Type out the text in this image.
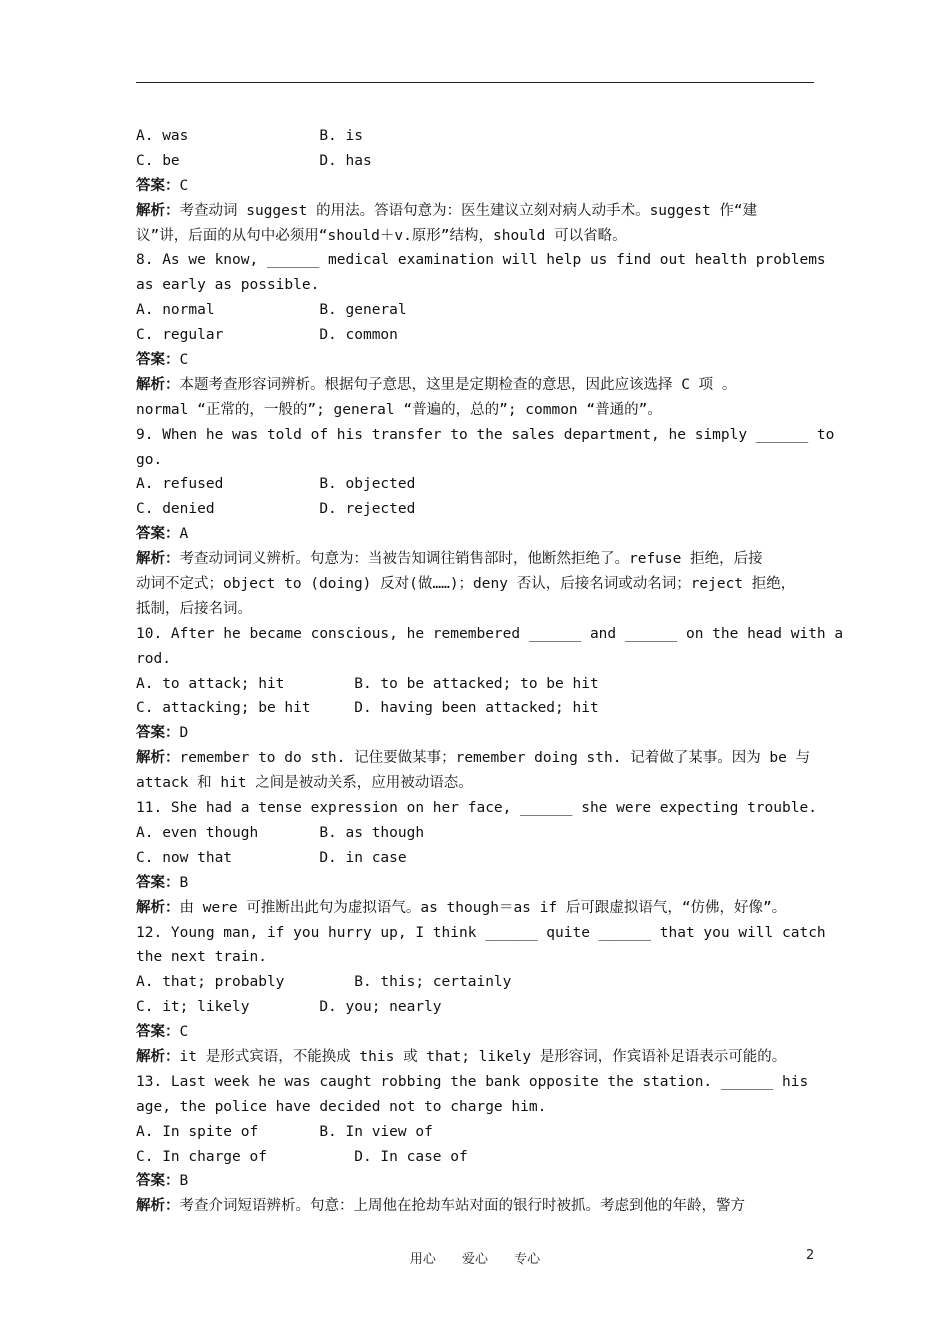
A. was               B. is
C. be                D. has
答案：C
解析：考查动词 suggest 的用法。答语句意为：医生建议立刻对病人动手术。suggest 作“建
议”讲，后面的从句中必须用“should＋v.原形”结构，should 可以省略。
8. As we know, ______ medical examination will help us find out health problems
as early as possible.
A. normal            B. general
C. regular           D. common
答案：C
解析：本题考查形容词辨析。根据句子意思，这里是定期检查的意思，因此应该选择 C 项 。
normal “正常的，一般的”; general “普遍的，总的”; common “普通的”。
9. When he was told of his transfer to the sales department, he simply ______ to
go.
A. refused           B. objected
C. denied            D. rejected
答案：A
解析：考查动词词义辨析。句意为：当被告知调往销售部时，他断然拒绝了。refuse 拒绝，后接
动词不定式；object to (doing) 反对(做……)；deny 否认，后接名词或动名词；reject 拒绝，
抵制，后接名词。
10. After he became conscious, he remembered ______ and ______ on the head with a
rod.
A. to attack; hit        B. to be attacked; to be hit
C. attacking; be hit     D. having been attacked; hit
答案：D
解析：remember to do sth. 记住要做某事；remember doing sth. 记着做了某事。因为 be 与
attack 和 hit 之间是被动关系，应用被动语态。
11. She had a tense expression on her face, ______ she were expecting trouble.
A. even though       B. as though
C. now that          D. in case
答案：B
解析：由 were 可推断出此句为虚拟语气。as though＝as if 后可跟虚拟语气，“仿佛，好像”。
12. Young man, if you hurry up, I think ______ quite ______ that you will catch
the next train.
A. that; probably        B. this; certainly
C. it; likely        D. you; nearly
答案：C
解析：it 是形式宾语，不能换成 this 或 that; likely 是形容词，作宾语补足语表示可能的。
13. Last week he was caught robbing the bank opposite the station. ______ his
age, the police have decided not to charge him.
A. In spite of       B. In view of
C. In charge of          D. In case of
答案：B
解析：考查介词短语辨析。句意：上周他在抢劫车站对面的银行时被抓。考虑到他的年龄，警方
用心 爱心 专心	2
